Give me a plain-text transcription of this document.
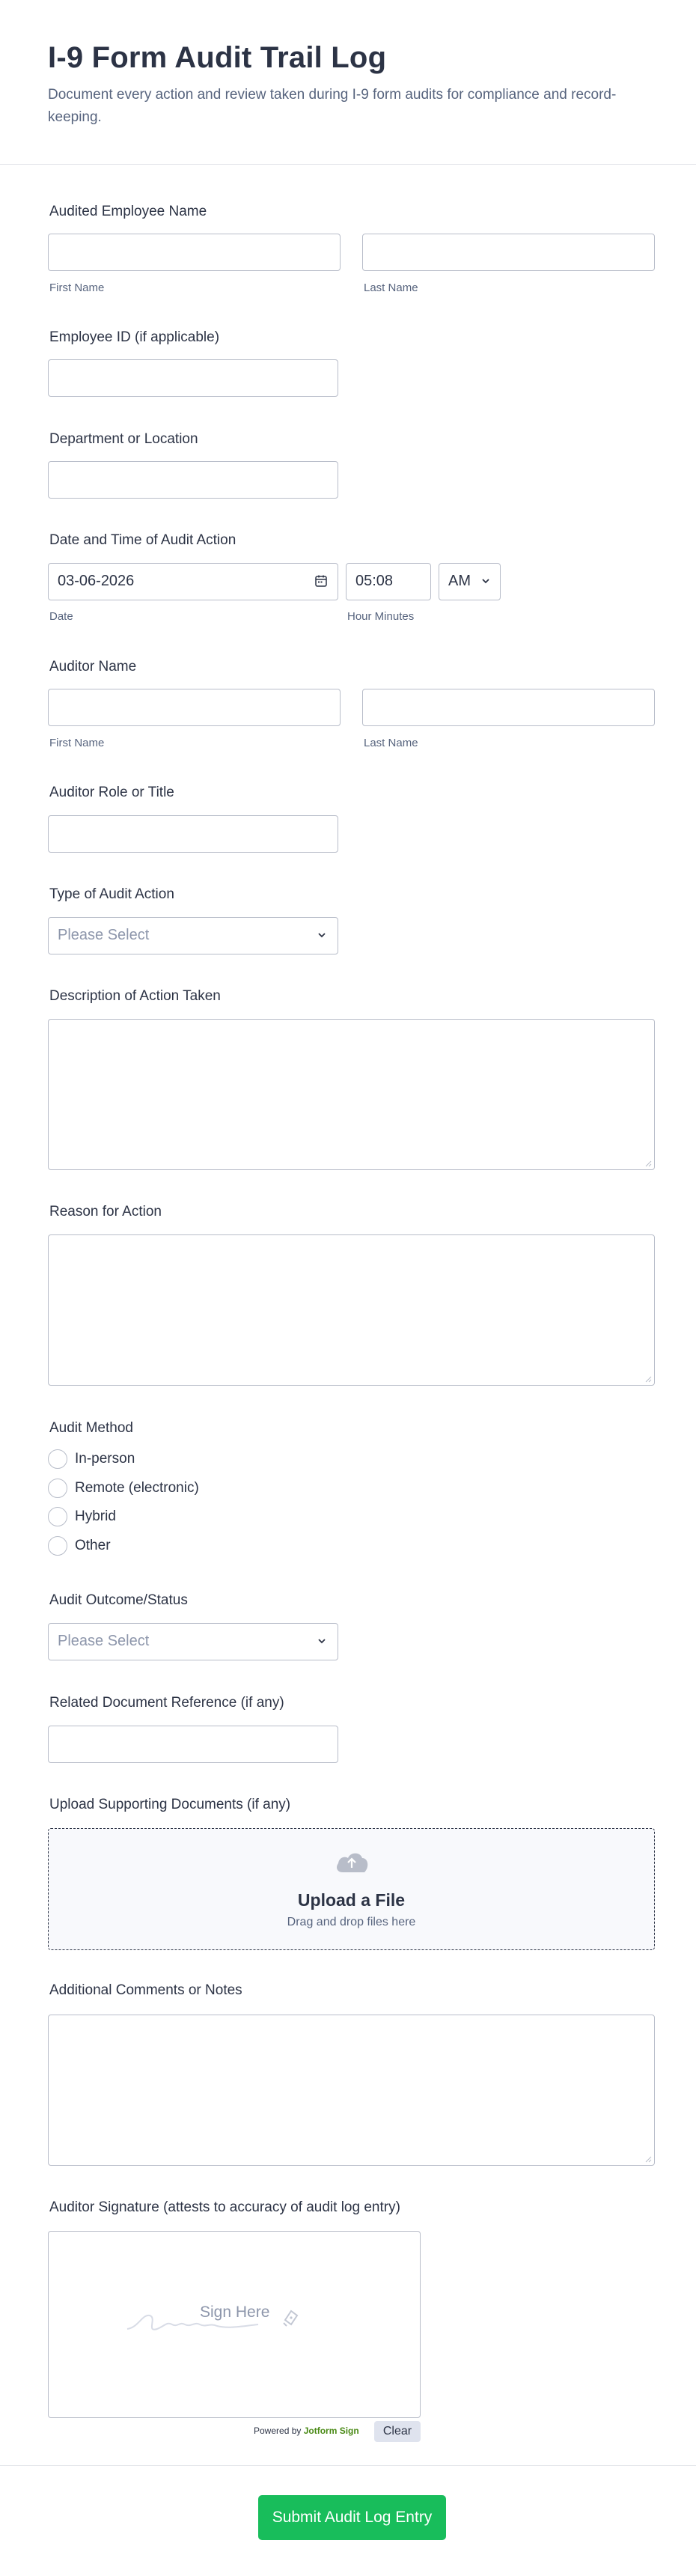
I-9 Form Audit Trail Log

Document every action and review taken during I-9 form audits for compliance and record-keeping.

Audited Employee Name
First Name	Last Name
Employee ID (if applicable)
Department or Location
Date and Time of Audit Action
03-06-2026	05:08	AM
Date	Hour Minutes
Auditor Name
First Name	Last Name
Auditor Role or Title
Type of Audit Action
Please Select
Description of Action Taken
Reason for Action
Audit Method
In-person
Remote (electronic)
Hybrid
Other
Audit Outcome/Status
Please Select
Related Document Reference (if any)
Upload Supporting Documents (if any)
Upload a File
Drag and drop files here
Additional Comments or Notes
Auditor Signature (attests to accuracy of audit log entry)
Sign Here
Powered by Jotform Sign	Clear
Submit Audit Log Entry
